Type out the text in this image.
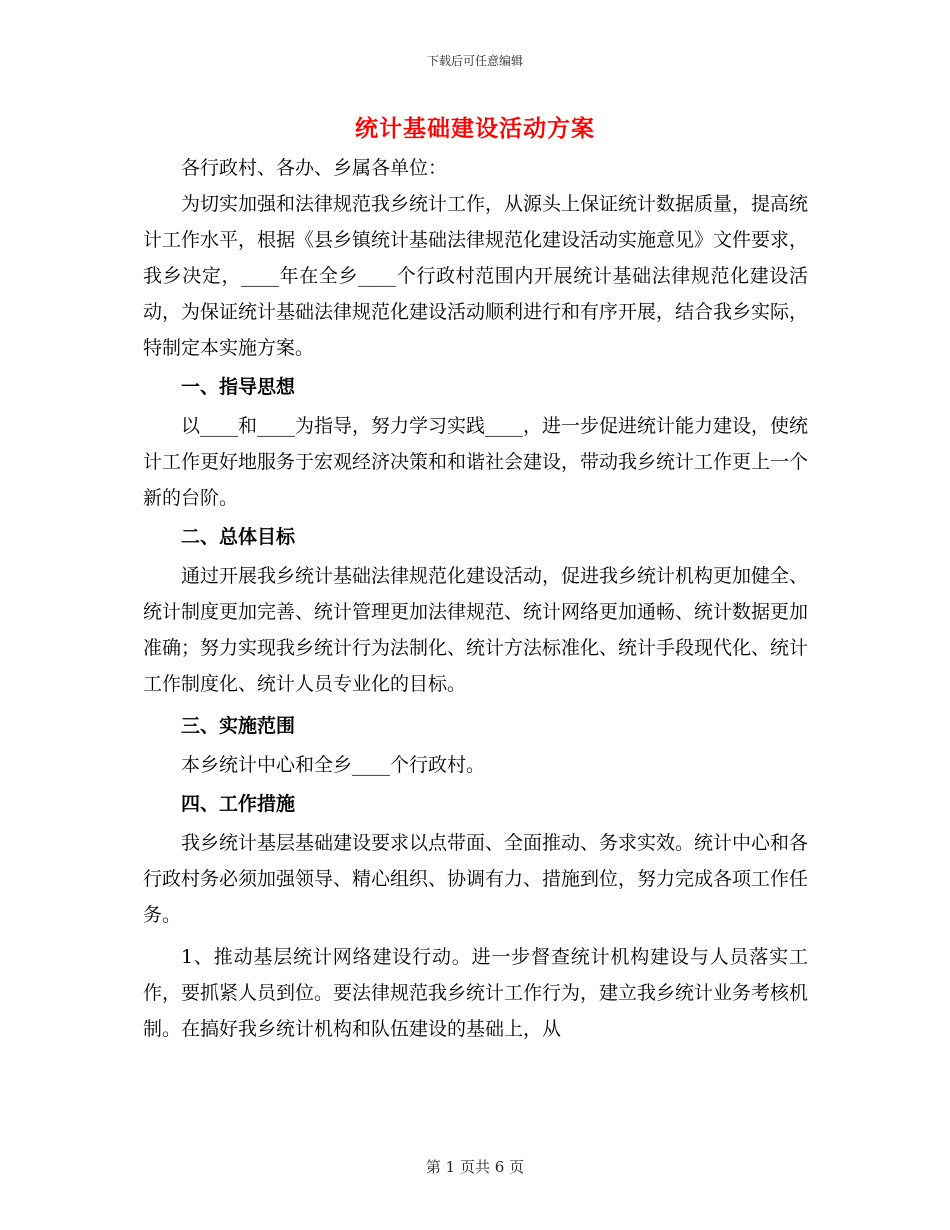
下载后可任意编辑
统计基础建设活动方案

各行政村、各办、乡属各单位：

为切实加强和法律规范我乡统计工作，从源头上保证统计数据质量，提高统计工作水平，根据《县乡镇统计基础法律规范化建设活动实施意见》文件要求，我乡决定，____年在全乡____个行政村范围内开展统计基础法律规范化建设活动，为保证统计基础法律规范化建设活动顺利进行和有序开展，结合我乡实际，特制定本实施方案。

一、指导思想

以____和____为指导，努力学习实践____，进一步促进统计能力建设，使统计工作更好地服务于宏观经济决策和和谐社会建设，带动我乡统计工作更上一个新的台阶。

二、总体目标

通过开展我乡统计基础法律规范化建设活动，促进我乡统计机构更加健全、统计制度更加完善、统计管理更加法律规范、统计网络更加通畅、统计数据更加准确；努力实现我乡统计行为法制化、统计方法标准化、统计手段现代化、统计工作制度化、统计人员专业化的目标。

三、实施范围

本乡统计中心和全乡____个行政村。

四、工作措施

我乡统计基层基础建设要求以点带面、全面推动、务求实效。统计中心和各行政村务必须加强领导、精心组织、协调有力、措施到位，努力完成各项工作任务。

1、推动基层统计网络建设行动。进一步督查统计机构建设与人员落实工作，要抓紧人员到位。要法律规范我乡统计工作行为，建立我乡统计业务考核机制。在搞好我乡统计机构和队伍建设的基础上，从

第 1 页共 6 页
